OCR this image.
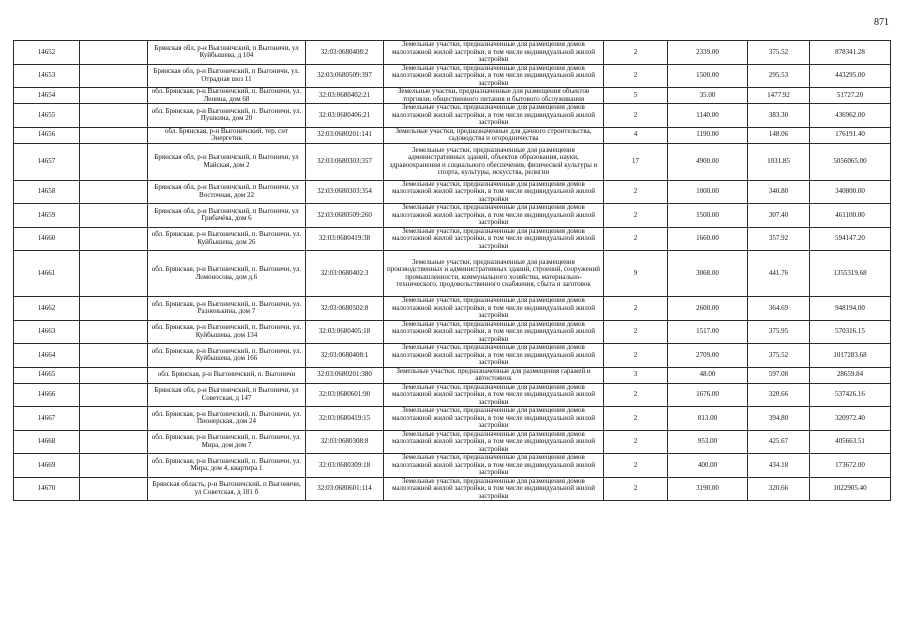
871
14652		Брянская обл, р-н Выгоничский, п Выгоничи, ул Куйбышева, д 104	32:03:0680408:2	Земельные участки, предназначенные для размещения домов малоэтажной жилой застройки, в том числе индивидуальной жилой застройки	2	2339.00	375.52	878341.28
14653		Брянская обл, р-н Выгоничский, п Выгоничи, ул. Отрадная шоз 11	32:03:0680509:397	Земельные участки, предназначенные для размещения домов малоэтажной жилой застройки, в том числе индивидуальной жилой застройки	2	1500.00	295.53	443295.00
14654		обл. Брянская, р-н Выгоничский, п. Выгоничи, ул. Ленина, дом 68	32:03:0680402:21	Земельные участки, предназначенные для размещения объектов торговли, общественного питания и бытового обслуживания	5	35.00	1477.92	51727.20
14655		обл. Брянская, р-н Выгоничский, п. Выгоничи, ул. Пушкина, дом 20	32:03:0680406:21	Земельные участки, предназначенные для размещения домов малоэтажной жилой застройки, в том числе индивидуальной жилой застройки	2	1140.00	383.30	436962.00
14656		обл. Брянская, р-н Выгоничский, тер. снт Энергетик	32:03:0680201:141	Земельные участки, предназначенные для дачного строительства, садоводства и огородничества	4	1190.00	148.06	176191.40
14657		Брянская обл, р-н Выгоничский, п Выгоничи, ул Майская, дом 2	32:03:0680303:357	Земельные участки, предназначенные для размещения административных зданий, объектов образования, науки, здравоохранения и социального обеспечения, физической культуры и спорта, культуры, искусства, религии	17	4900.00	1031.85	5056065.00
14658		Брянская обл, р-н Выгоничский, п Выгоничи, ул Восточная, дом 22	32:03:0680303:354	Земельные участки, предназначенные для размещения домов малоэтажной жилой застройки, в том числе индивидуальной жилой застройки	2	1000.00	340.80	340800.00
14659		Брянская обл, р-н Выгоничский, п Выгоничи, ул Грибачёва, дом 6	32:03:0680509:260	Земельные участки, предназначенные для размещения домов малоэтажной жилой застройки, в том числе индивидуальной жилой застройки	2	1500.00	307.40	461100.00
14660		обл. Брянская, р-н Выгоничский, п. Выгоничи, ул. Куйбышева, дом 26	32:03:0680419:38	Земельные участки, предназначенные для размещения домов малоэтажной жилой застройки, в том числе индивидуальной жилой застройки	2	1660.00	357.92	594147.20
14661		обл. Брянская, р-н Выгоничский, п. Выгоничи, ул. Ломоносова, дом д.6	32:03:0680402:3	Земельные участки, предназначенные для размещения производственных и административных зданий, строений, сооружений промышленности, коммунального хозяйства, материально-технического, продовольственного снабжения, сбыта и заготовок	9	3068.00	441.76	1355319.68
14662		обл. Брянская, р-н Выгоничский, п. Выгоничи, ул. Разненькина, дом 7	32:03:0680502:8	Земельные участки, предназначенные для размещения домов малоэтажной жилой застройки, в том числе индивидуальной жилой застройки	2	2600.00	364.69	948194.00
14663		обл. Брянская, р-н Выгоничский, п. Выгоничи, ул. Куйбышева, дом 134	32:03:0680405:18	Земельные участки, предназначенные для размещения домов малоэтажной жилой застройки, в том числе индивидуальной жилой застройки	2	1517.00	375.95	570316.15
14664		обл. Брянская, р-н Выгоничский, п. Выгоничи, ул. Куйбышева, дом 166	32:03:0680408:1	Земельные участки, предназначенные для размещения домов малоэтажной жилой застройки, в том числе индивидуальной жилой застройки	2	2709.00	375.52	1017283.68
14665		обл. Брянская, р-н Выгоничский, п. Выгоничи	32:03:0680201:380	Земельные участки, предназначенные для размещения гаражей и автостоянок	3	48.00	597.08	28659.84
14666		Брянская обл, р-н Выгоничский, п Выгоничи, ул Советская, д 147	32:03:0680601:90	Земельные участки, предназначенные для размещения домов малоэтажной жилой застройки, в том числе индивидуальной жилой застройки	2	1676.00	320.66	537426.16
14667		обл. Брянская, р-н Выгоничский, п. Выгоничи, ул. Пионерская, дом 24	32:03:0680419:15	Земельные участки, предназначенные для размещения домов малоэтажной жилой застройки, в том числе индивидуальной жилой застройки	2	813.00	394.80	320972.40
14668		обл. Брянская, р-н Выгоничский, п. Выгоничи, ул. Мира, дом дом 7	32:03:0680308:8	Земельные участки, предназначенные для размещения домов малоэтажной жилой застройки, в том числе индивидуальной жилой застройки	2	953.00	425.67	405663.51
14669		обл. Брянская, р-н Выгоничский, п. Выгоничи, ул. Мира, дом 4, квартира 1	32:03:0680309:18	Земельные участки, предназначенные для размещения домов малоэтажной жилой застройки, в том числе индивидуальной жилой застройки	2	400.00	434.18	173672.00
14670		Брянская область, р-н Выгоничский, п Выгоничи, ул Советская, д 181 б	32:03:0680601:114	Земельные участки, предназначенные для размещения домов малоэтажной жилой застройки, в том числе индивидуальной жилой застройки	2	3190.00	320.66	1022905.40
